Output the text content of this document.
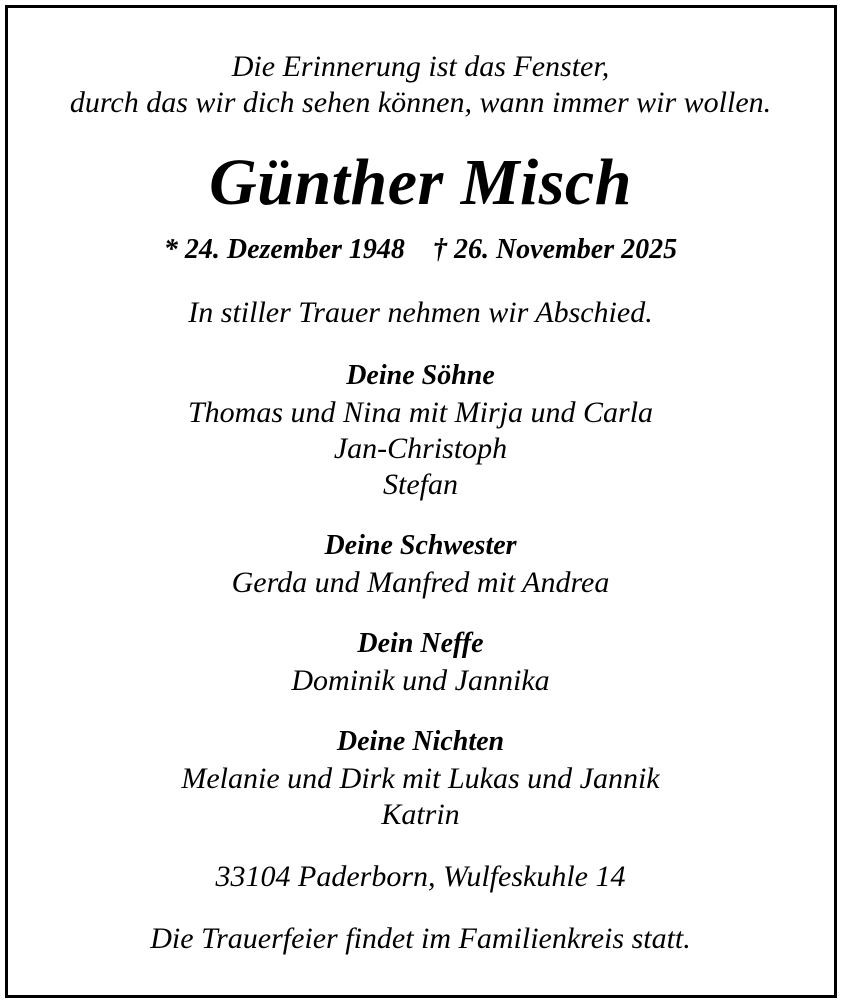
Die Erinnerung ist das Fenster,
durch das wir dich sehen können, wann immer wir wollen.
Günther Misch
* 24. Dezember 1948 † 26. November 2025
In stiller Trauer nehmen wir Abschied.
Deine Söhne
Thomas und Nina mit Mirja und Carla
Jan-Christoph
Stefan
Deine Schwester
Gerda und Manfred mit Andrea
Dein Neffe
Dominik und Jannika
Deine Nichten
Melanie und Dirk mit Lukas und Jannik
Katrin
33104 Paderborn, Wulfeskuhle 14
Die Trauerfeier findet im Familienkreis statt.
